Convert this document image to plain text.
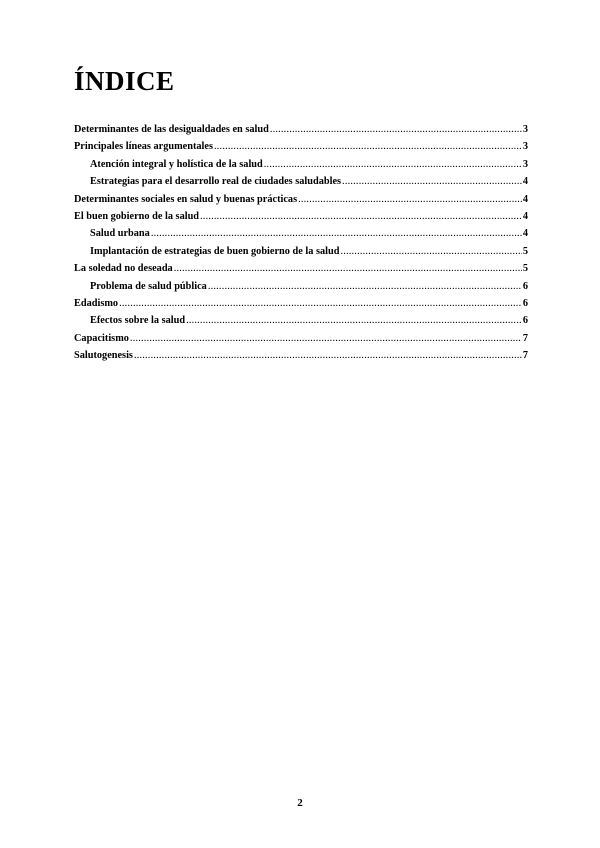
ÍNDICE
Determinantes de las desigualdades en salud .....	3
Principales líneas argumentales .....	3
Atención integral y holística de la salud .....	3
Estrategias para el desarrollo real de ciudades saludables .....	4
Determinantes sociales en salud y buenas prácticas .....	4
El buen gobierno de la salud .....	4
Salud urbana .....	4
Implantación de estrategias de buen gobierno de la salud .....	5
La soledad no deseada .....	5
Problema de salud pública .....	6
Edadismo .....	6
Efectos sobre la salud .....	6
Capacitismo .....	7
Salutogenesis .....	7
2
